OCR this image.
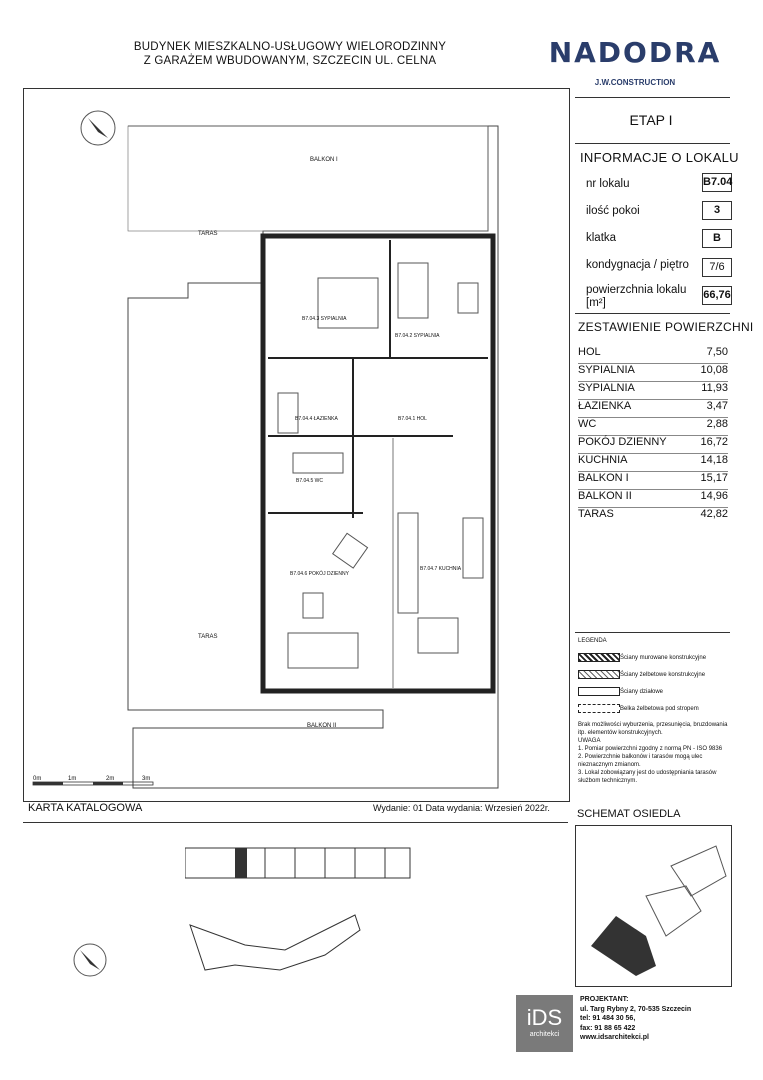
BUDYNEK MIESZKALNO-USŁUGOWY WIELORODZINNY
Z GARAŻEM WBUDOWANYM, SZCZECIN UL. CELNA	NADODRA
J.W.CONSTRUCTION
BALKON I
TARAS
TARAS
BALKON II
B7.04.3 SYPIALNIA
B7.04.2 SYPIALNIA
B7.04.4 ŁAZIENKA	B7.04.1 HOL
B7.04.5 WC
B7.04.6 POKÓJ DZIENNY
B7.04.7 KUCHNIA
0m	1m	2m	3m
ETAP I
INFORMACJE O LOKALU
nr lokalu	B7.04
ilość pokoi	3
klatka	B
kondygnacja / piętro	7/6
powierzchnia lokalu [m²]
66,76
ZESTAWIENIE POWIERZCHNI
HOL	7,50
SYPIALNIA	10,08
SYPIALNIA	11,93
ŁAZIENKA	3,47
WC	2,88
POKÓJ DZIENNY	16,72
KUCHNIA	14,18
BALKON I	15,17
BALKON II	14,96
TARAS	42,82
LEGENDA
Ściany murowane konstrukcyjne
Ściany żelbetowe konstrukcyjne
Ściany działowe
Belka żelbetowa pod stropem
Brak możliwości wyburzenia, przesunięcia, bruzdowania itp. elementów konstrukcyjnych.
UWAGA
1. Pomiar powierzchni zgodny z normą PN - ISO 9836
2. Powierzchnie balkonów i tarasów mogą ulec nieznacznym zmianom.
3. Lokal zobowiązany jest do udostępniania tarasów służbom technicznym.
KARTA KATALOGOWA	Wydanie: 01 Data wydania: Wrzesień 2022r. SCHEMAT OSIEDLA
iDS
architekci
PROJEKTANT:
ul. Targ Rybny 2, 70-535 Szczecin
tel: 91 484 30 56,
fax: 91 88 65 422
www.idsarchitekci.pl
